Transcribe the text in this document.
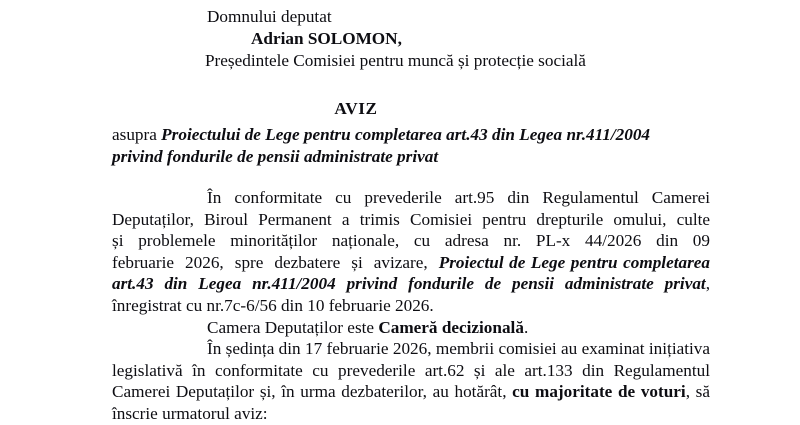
Domnului deputat
Adrian SOLOMON,
Președintele Comisiei pentru muncă și protecție socială
AVIZ
asupra Proiectului de Lege pentru completarea art.43 din Legea nr.411/2004
privind fondurile de pensii administrate privat

În conformitate cu prevederile art.95 din Regulamentul Camerei Deputaților, Biroul Permanent a trimis Comisiei pentru drepturile omului, culte și problemele minorităților naționale, cu adresa nr. PL-x 44/2026 din 09 februarie 2026, spre dezbatere și avizare, Proiectul de Lege pentru completarea art.43 din Legea nr.411/2004 privind fondurile de pensii administrate privat, înregistrat cu nr.7c-6/56 din 10 februarie 2026.

Camera Deputaților este Cameră decizională.

În ședința din 17 februarie 2026, membrii comisiei au examinat inițiativa legislativă în conformitate cu prevederile art.62 și ale art.133 din Regulamentul Camerei Deputaților și, în urma dezbaterilor, au hotărât, cu majoritate de voturi, să înscrie urmatorul aviz:
